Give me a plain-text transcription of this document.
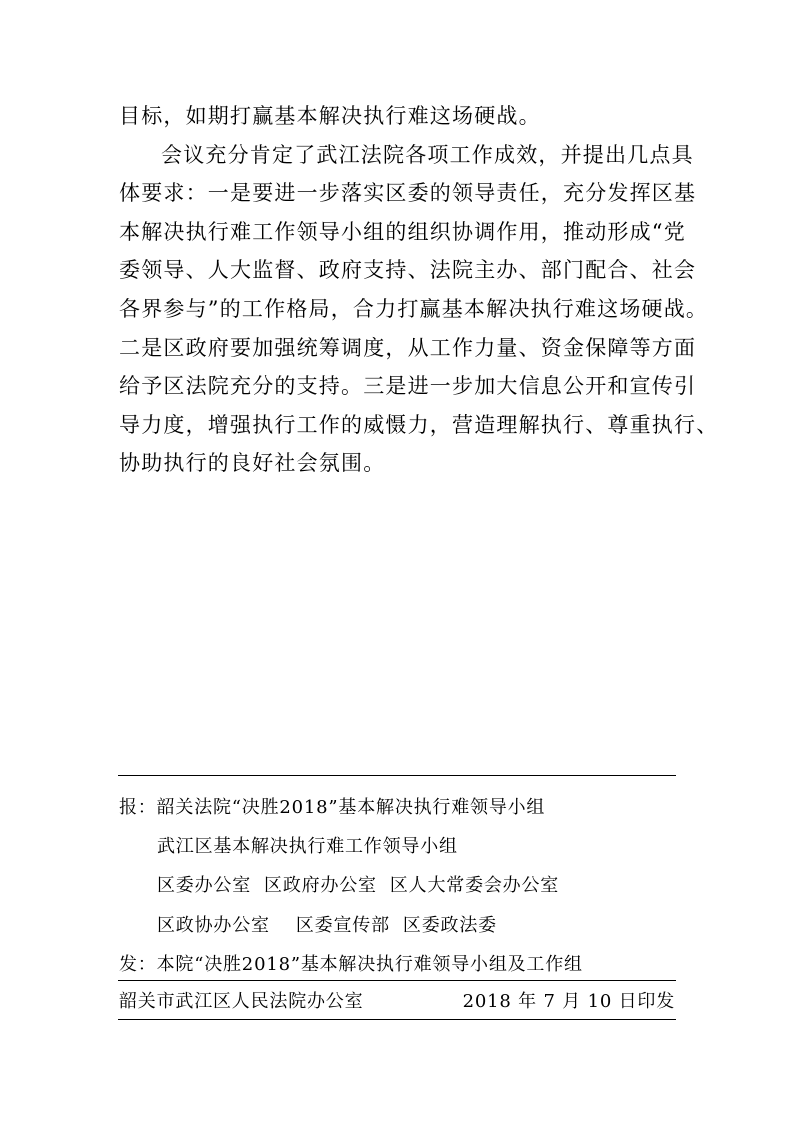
目标，如期打赢基本解决执行难这场硬战。
会议充分肯定了武江法院各项工作成效，并提出几点具
体要求：一是要进一步落实区委的领导责任，充分发挥区基
本解决执行难工作领导小组的组织协调作用，推动形成“党
委领导、人大监督、政府支持、法院主办、部门配合、社会
各界参与”的工作格局，合力打赢基本解决执行难这场硬战。
二是区政府要加强统筹调度，从工作力量、资金保障等方面
给予区法院充分的支持。三是进一步加大信息公开和宣传引
导力度，增强执行工作的威慑力，营造理解执行、尊重执行、
协助执行的良好社会氛围。
报：韶关法院“决胜2018”基本解决执行难领导小组
武江区基本解决执行难工作领导小组
区委办公室  区政府办公室  区人大常委会办公室
区政协办公室    区委宣传部  区委政法委
发：本院“决胜2018”基本解决执行难领导小组及工作组
韶关市武江区人民法院办公室	2018 年 7 月 10 日印发
